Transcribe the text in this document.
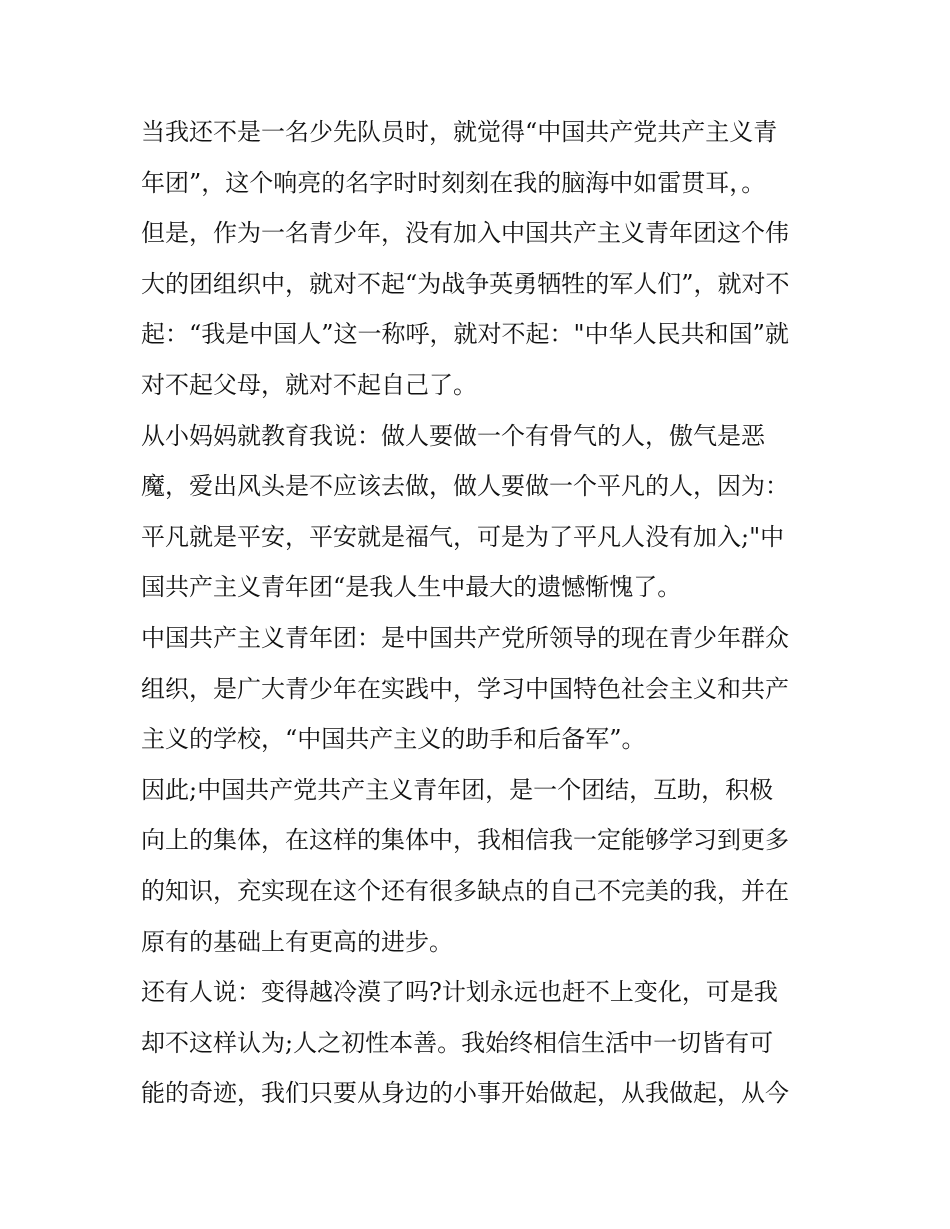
当我还不是一名少先队员时，就觉得“中国共产党共产主义青
年团”，这个响亮的名字时时刻刻在我的脑海中如雷贯耳，。
但是，作为一名青少年，没有加入中国共产主义青年团这个伟
大的团组织中，就对不起“为战争英勇牺牲的军人们”，就对不
起：“我是中国人”这一称呼，就对不起："中华人民共和国”就
对不起父母，就对不起自己了。
从小妈妈就教育我说：做人要做一个有骨气的人，傲气是恶
魔，爱出风头是不应该去做，做人要做一个平凡的人，因为：
平凡就是平安，平安就是福气，可是为了平凡人没有加入;"中
国共产主义青年团“是我人生中最大的遗憾惭愧了。
中国共产主义青年团：是中国共产党所领导的现在青少年群众
组织，是广大青少年在实践中，学习中国特色社会主义和共产
主义的学校，“中国共产主义的助手和后备军”。
因此;中国共产党共产主义青年团，是一个团结，互助，积极
向上的集体，在这样的集体中，我相信我一定能够学习到更多
的知识，充实现在这个还有很多缺点的自己不完美的我，并在
原有的基础上有更高的进步。
还有人说：变得越冷漠了吗?计划永远也赶不上变化，可是我
却不这样认为;人之初性本善。我始终相信生活中一切皆有可
能的奇迹，我们只要从身边的小事开始做起，从我做起，从今
